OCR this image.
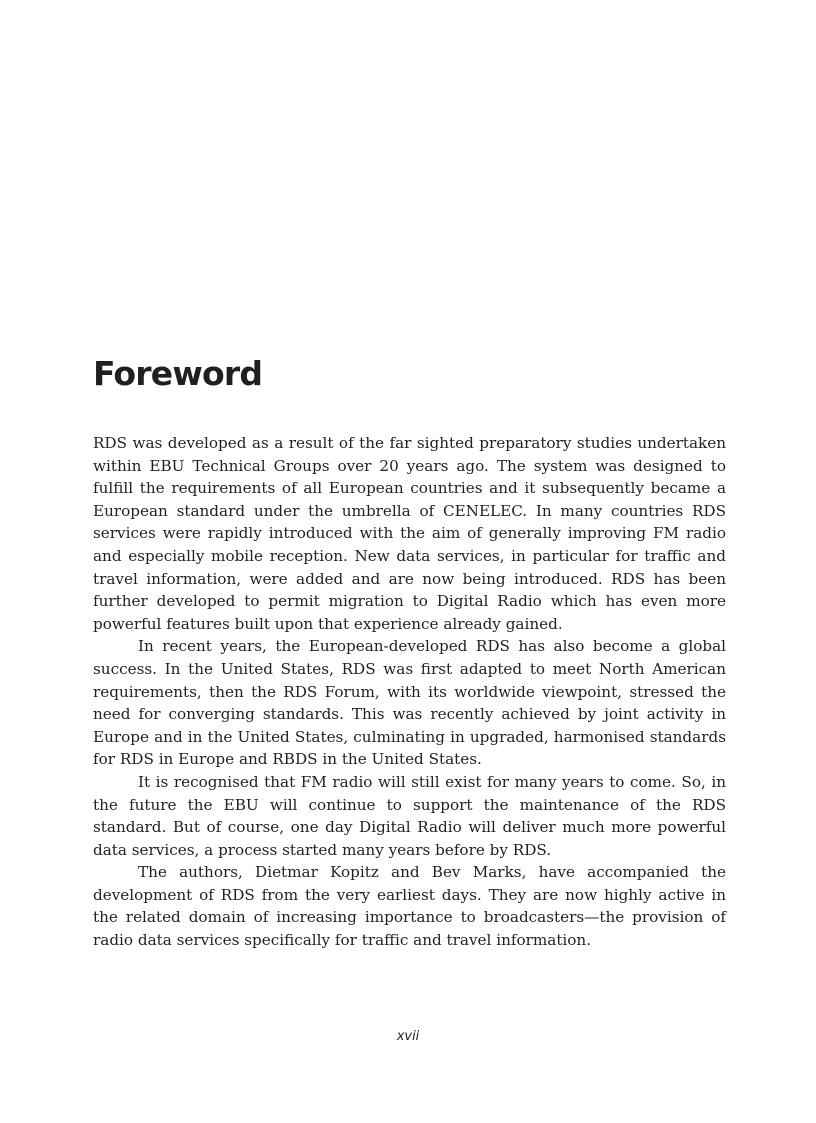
Foreword

RDS was developed as a result of the far sighted preparatory studies undertaken within EBU Technical Groups over 20 years ago. The system was designed to fulfill the requirements of all European countries and it subsequently became a European standard under the umbrella of CENELEC. In many countries RDS services were rapidly introduced with the aim of generally improving FM radio and especially mobile reception. New data services, in particular for traffic and travel information, were added and are now being introduced. RDS has been further developed to permit migration to Digital Radio which has even more powerful features built upon that experience already gained.

In recent years, the European-developed RDS has also become a global success. In the United States, RDS was first adapted to meet North American requirements, then the RDS Forum, with its worldwide viewpoint, stressed the need for converging standards. This was recently achieved by joint activity in Europe and in the United States, culminating in upgraded, harmonised standards for RDS in Europe and RBDS in the United States.

It is recognised that FM radio will still exist for many years to come. So, in the future the EBU will continue to support the maintenance of the RDS standard. But of course, one day Digital Radio will deliver much more powerful data services, a process started many years before by RDS.

The authors, Dietmar Kopitz and Bev Marks, have accompanied the development of RDS from the very earliest days. They are now highly active in the related domain of increasing importance to broadcasters—the provision of radio data services specifically for traffic and travel information.

xvii
